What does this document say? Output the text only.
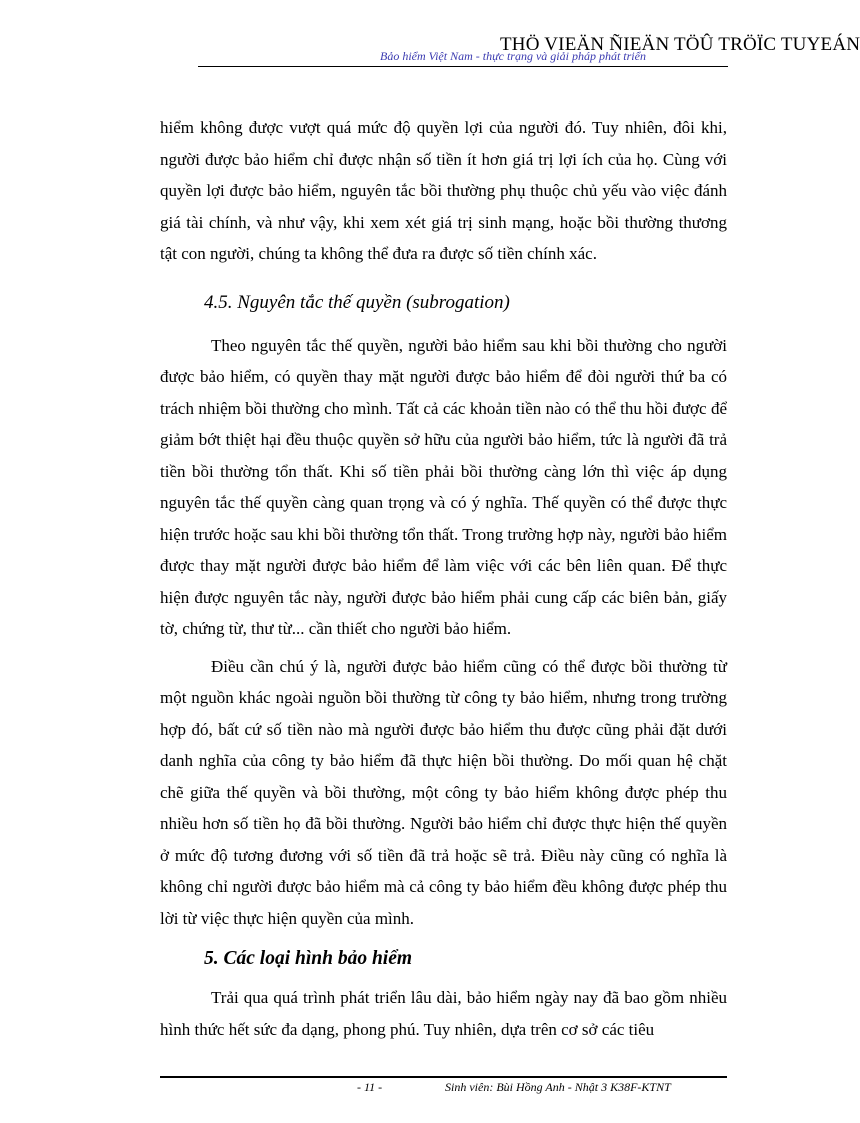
Bảo hiểm Việt Nam - thực trạng và giải pháp phát triển
THÖ VIEÄN ÑIEÄN TÖÛ TRÖÏC TUYEÁN

hiểm không được vượt quá mức độ quyền lợi của người đó. Tuy nhiên, đôi khi, người được bảo hiểm chỉ được nhận số tiền ít hơn giá trị lợi ích của họ. Cùng với quyền lợi được bảo hiểm, nguyên tắc bồi thường phụ thuộc chủ yếu vào việc đánh giá tài chính, và như vậy, khi xem xét giá trị sinh mạng, hoặc bồi thường thương tật con người, chúng ta không thể đưa ra được số tiền chính xác.

4.5. Nguyên tắc thế quyền (subrogation)

Theo nguyên tắc thế quyền, người bảo hiểm sau khi bồi thường cho người được bảo hiểm, có quyền thay mặt người được bảo hiểm để đòi người thứ ba có trách nhiệm bồi thường cho mình. Tất cả các khoản tiền nào có thể thu hồi được để giảm bớt thiệt hại đều thuộc quyền sở hữu của người bảo hiểm, tức là người đã trả tiền bồi thường tổn thất. Khi số tiền phải bồi thường càng lớn thì việc áp dụng nguyên tắc thế quyền càng quan trọng và có ý nghĩa. Thế quyền có thể được thực hiện trước hoặc sau khi bồi thường tổn thất. Trong trường hợp này, người bảo hiểm được thay mặt người được bảo hiểm để làm việc với các bên liên quan. Để thực hiện được nguyên tắc này, người được bảo hiểm phải cung cấp các biên bản, giấy tờ, chứng từ, thư từ... cần thiết cho người bảo hiểm.

Điều cần chú ý là, người được bảo hiểm cũng có thể được bồi thường từ một nguồn khác ngoài nguồn bồi thường từ công ty bảo hiểm, nhưng trong trường hợp đó, bất cứ số tiền nào mà người được bảo hiểm thu được cũng phải đặt dưới danh nghĩa của công ty bảo hiểm đã thực hiện bồi thường. Do mối quan hệ chặt chẽ giữa thế quyền và bồi thường, một công ty bảo hiểm không được phép thu nhiều hơn số tiền họ đã bồi thường. Người bảo hiểm chỉ được thực hiện thế quyền ở mức độ tương đương với số tiền đã trả hoặc sẽ trả. Điều này cũng có nghĩa là không chỉ người được bảo hiểm mà cả công ty bảo hiểm đều không được phép thu lời từ việc thực hiện quyền của mình.

5. Các loại hình bảo hiểm

Trải qua quá trình phát triển lâu dài, bảo hiểm ngày nay đã bao gồm nhiều hình thức hết sức đa dạng, phong phú. Tuy nhiên, dựa trên cơ sở các tiêu

- 11 -	Sinh viên: Bùi Hồng Anh - Nhật 3 K38F-KTNT
